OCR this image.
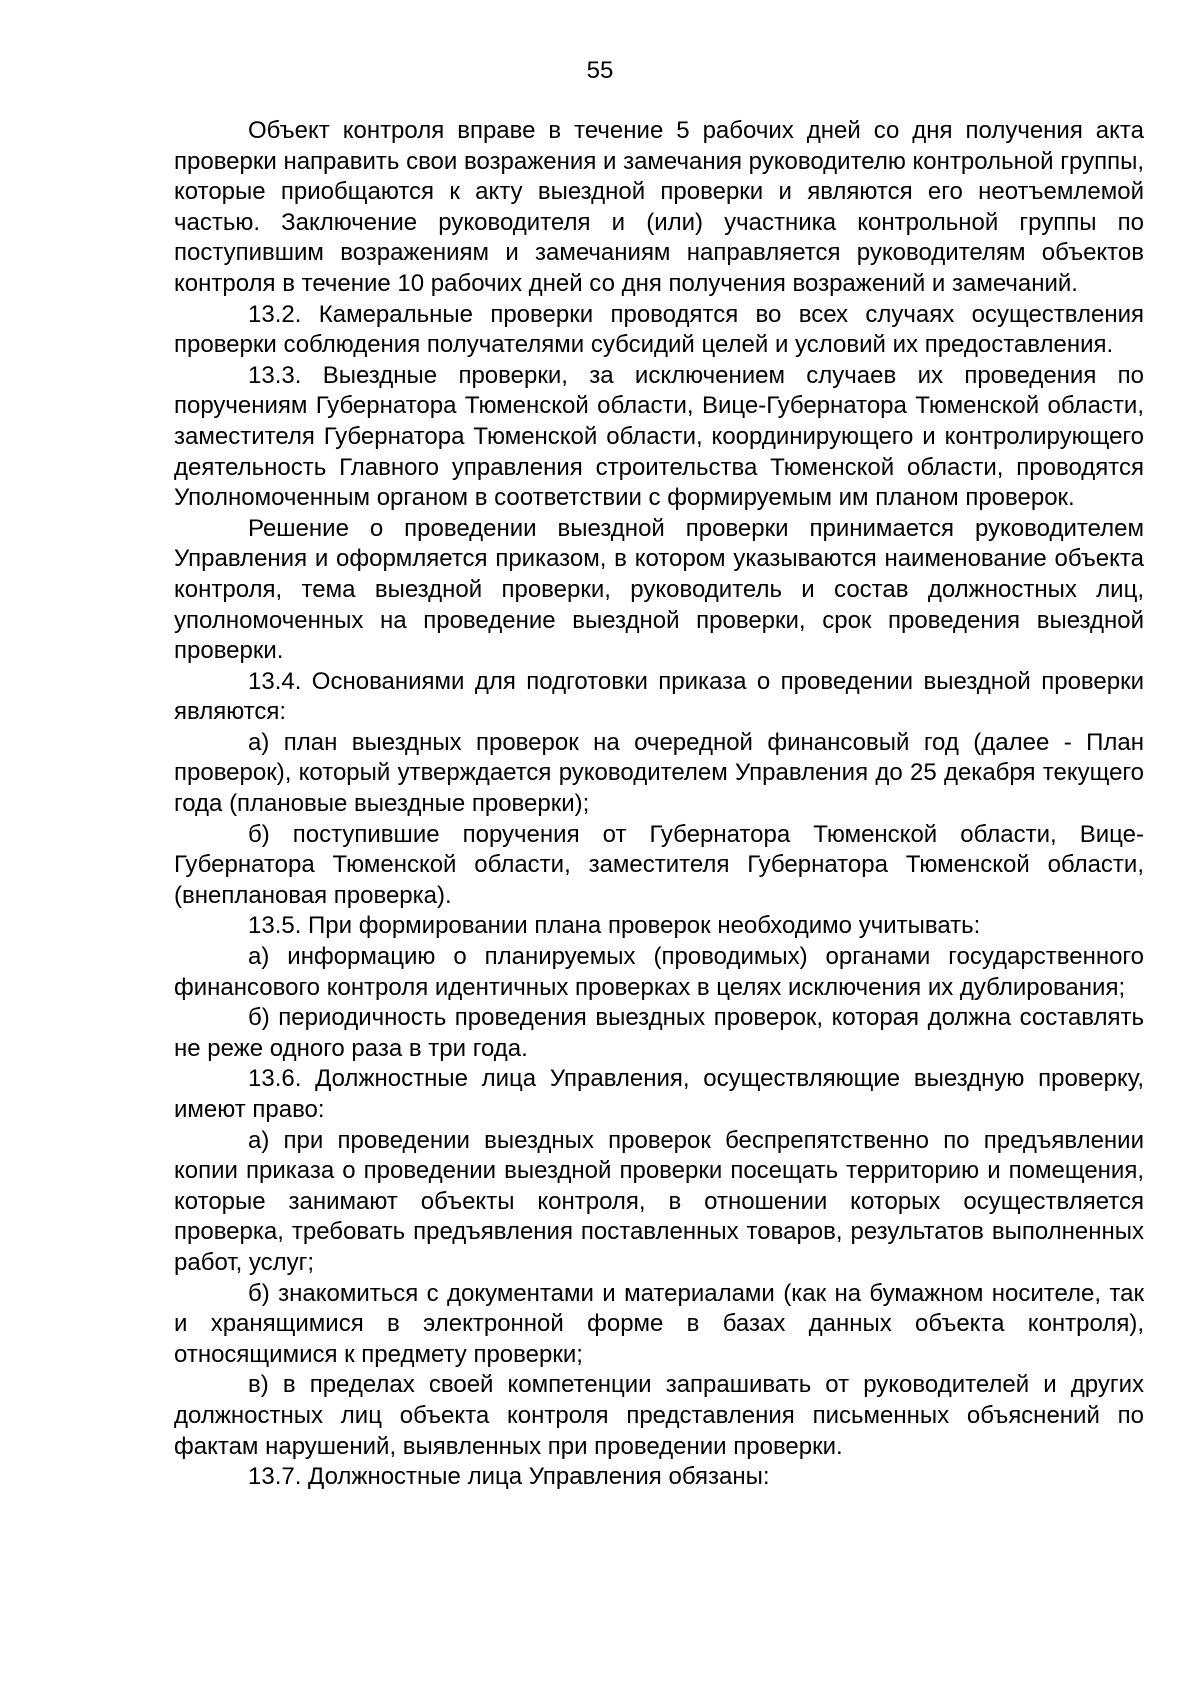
55

Объект контроля вправе в течение 5 рабочих дней со дня получения акта проверки направить свои возражения и замечания руководителю контрольной группы, которые приобщаются к акту выездной проверки и являются его неотъемлемой частью. Заключение руководителя и (или) участника контрольной группы по поступившим возражениям и замечаниям направляется руководителям объектов контроля в течение 10 рабочих дней со дня получения возражений и замечаний.

13.2. Камеральные проверки проводятся во всех случаях осуществления проверки соблюдения получателями субсидий целей и условий их предоставления.

13.3. Выездные проверки, за исключением случаев их проведения по поручениям Губернатора Тюменской области, Вице-Губернатора Тюменской области, заместителя Губернатора Тюменской области, координирующего и контролирующего деятельность Главного управления строительства Тюменской области, проводятся Уполномоченным органом в соответствии с формируемым им планом проверок.

Решение о проведении выездной проверки принимается руководителем Управления и оформляется приказом, в котором указываются наименование объекта контроля, тема выездной проверки, руководитель и состав должностных лиц, уполномоченных на проведение выездной проверки, срок проведения выездной проверки.

13.4. Основаниями для подготовки приказа о проведении выездной проверки являются:

а) план выездных проверок на очередной финансовый год (далее - План проверок), который утверждается руководителем Управления до 25 декабря текущего года (плановые выездные проверки);

б) поступившие поручения от Губернатора Тюменской области, Вице-Губернатора Тюменской области, заместителя Губернатора Тюменской области, (внеплановая проверка).

13.5. При формировании плана проверок необходимо учитывать:

а) информацию о планируемых (проводимых) органами государственного финансового контроля идентичных проверках в целях исключения их дублирования;

б) периодичность проведения выездных проверок, которая должна составлять не реже одного раза в три года.

13.6. Должностные лица Управления, осуществляющие выездную проверку, имеют право:

а) при проведении выездных проверок беспрепятственно по предъявлении копии приказа о проведении выездной проверки посещать территорию и помещения, которые занимают объекты контроля, в отношении которых осуществляется проверка, требовать предъявления поставленных товаров, результатов выполненных работ, услуг;

б) знакомиться с документами и материалами (как на бумажном носителе, так и хранящимися в электронной форме в базах данных объекта контроля), относящимися к предмету проверки;

в) в пределах своей компетенции запрашивать от руководителей и других должностных лиц объекта контроля представления письменных объяснений по фактам нарушений, выявленных при проведении проверки.

13.7. Должностные лица Управления обязаны:
